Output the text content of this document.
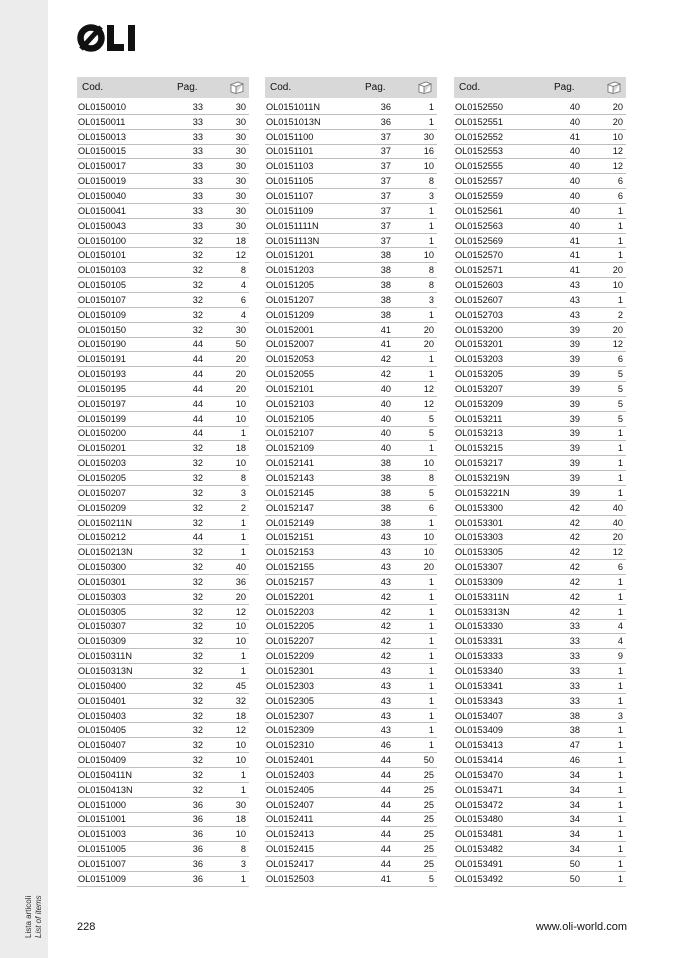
Lista articoli List of items
Cod.	Pag.
OL0150010	33	30
OL0150011	33	30
OL0150013	33	30
OL0150015	33	30
OL0150017	33	30
OL0150019	33	30
OL0150040	33	30
OL0150041	33	30
OL0150043	33	30
OL0150100	32	18
OL0150101	32	12
OL0150103	32	8
OL0150105	32	4
OL0150107	32	6
OL0150109	32	4
OL0150150	32	30
OL0150190	44	50
OL0150191	44	20
OL0150193	44	20
OL0150195	44	20
OL0150197	44	10
OL0150199	44	10
OL0150200	44	1
OL0150201	32	18
OL0150203	32	10
OL0150205	32	8
OL0150207	32	3
OL0150209	32	2
OL0150211N	32	1
OL0150212	44	1
OL0150213N	32	1
OL0150300	32	40
OL0150301	32	36
OL0150303	32	20
OL0150305	32	12
OL0150307	32	10
OL0150309	32	10
OL0150311N	32	1
OL0150313N	32	1
OL0150400	32	45
OL0150401	32	32
OL0150403	32	18
OL0150405	32	12
OL0150407	32	10
OL0150409	32	10
OL0150411N	32	1
OL0150413N	32	1
OL0151000	36	30
OL0151001	36	18
OL0151003	36	10
OL0151005	36	8
OL0151007	36	3
OL0151009	36	1
Cod.	Pag.
OL0151011N	36	1
OL0151013N	36	1
OL0151100	37	30
OL0151101	37	16
OL0151103	37	10
OL0151105	37	8
OL0151107	37	3
OL0151109	37	1
OL0151111N	37	1
OL0151113N	37	1
OL0151201	38	10
OL0151203	38	8
OL0151205	38	8
OL0151207	38	3
OL0151209	38	1
OL0152001	41	20
OL0152007	41	20
OL0152053	42	1
OL0152055	42	1
OL0152101	40	12
OL0152103	40	12
OL0152105	40	5
OL0152107	40	5
OL0152109	40	1
OL0152141	38	10
OL0152143	38	8
OL0152145	38	5
OL0152147	38	6
OL0152149	38	1
OL0152151	43	10
OL0152153	43	10
OL0152155	43	20
OL0152157	43	1
OL0152201	42	1
OL0152203	42	1
OL0152205	42	1
OL0152207	42	1
OL0152209	42	1
OL0152301	43	1
OL0152303	43	1
OL0152305	43	1
OL0152307	43	1
OL0152309	43	1
OL0152310	46	1
OL0152401	44	50
OL0152403	44	25
OL0152405	44	25
OL0152407	44	25
OL0152411	44	25
OL0152413	44	25
OL0152415	44	25
OL0152417	44	25
OL0152503	41	5
Cod.	Pag.
OL0152550	40	20
OL0152551	40	20
OL0152552	41	10
OL0152553	40	12
OL0152555	40	12
OL0152557	40	6
OL0152559	40	6
OL0152561	40	1
OL0152563	40	1
OL0152569	41	1
OL0152570	41	1
OL0152571	41	20
OL0152603	43	10
OL0152607	43	1
OL0152703	43	2
OL0153200	39	20
OL0153201	39	12
OL0153203	39	6
OL0153205	39	5
OL0153207	39	5
OL0153209	39	5
OL0153211	39	5
OL0153213	39	1
OL0153215	39	1
OL0153217	39	1
OL0153219N	39	1
OL0153221N	39	1
OL0153300	42	40
OL0153301	42	40
OL0153303	42	20
OL0153305	42	12
OL0153307	42	6
OL0153309	42	1
OL0153311N	42	1
OL0153313N	42	1
OL0153330	33	4
OL0153331	33	4
OL0153333	33	9
OL0153340	33	1
OL0153341	33	1
OL0153343	33	1
OL0153407	38	3
OL0153409	38	1
OL0153413	47	1
OL0153414	46	1
OL0153470	34	1
OL0153471	34	1
OL0153472	34	1
OL0153480	34	1
OL0153481	34	1
OL0153482	34	1
OL0153491	50	1
OL0153492	50	1
228	www.oli-world.com
